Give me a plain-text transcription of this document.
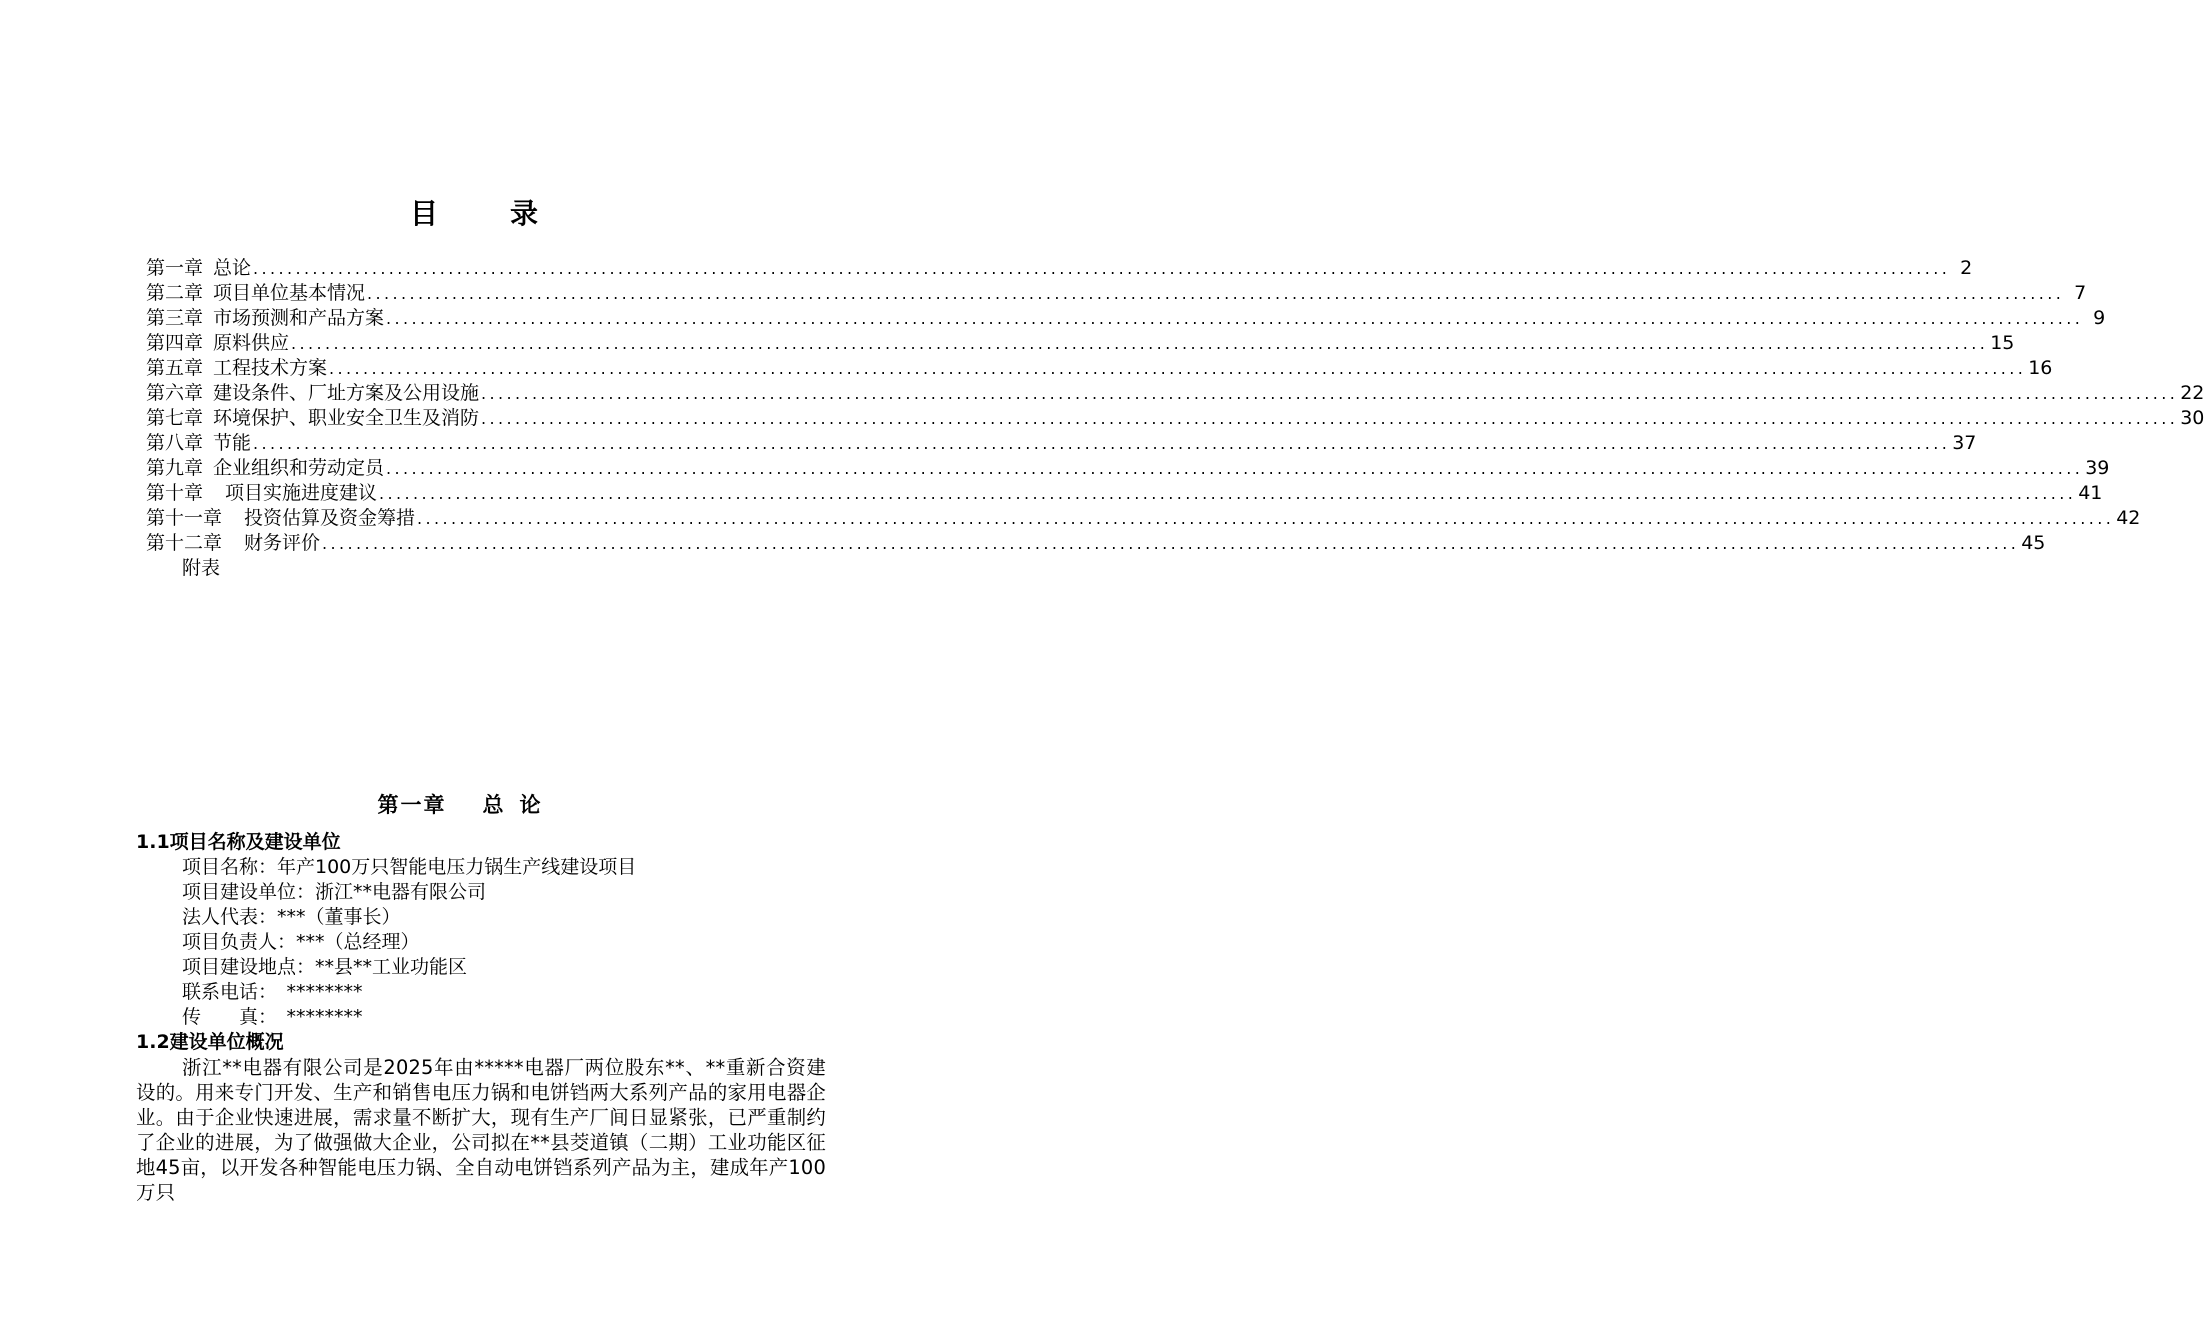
目	录
第一章 总论 ........................................................................................................................................................................................................ 2
第二章 项目单位基本情况 ........................................................................................................................................................................................................ 7
第三章 市场预测和产品方案 ........................................................................................................................................................................................................ 9
第四章 原料供应 ........................................................................................................................................................................................................ 15
第五章 工程技术方案 ........................................................................................................................................................................................................ 16
第六章 建设条件、厂址方案及公用设施 ........................................................................................................................................................................................................ 22
第七章 环境保护、职业安全卫生及消防 ........................................................................................................................................................................................................ 30
第八章 节能 ........................................................................................................................................................................................................ 37
第九章 企业组织和劳动定员 ........................................................................................................................................................................................................ 39
第十章 项目实施进度建议 ........................................................................................................................................................................................................ 41
第十一章 投资估算及资金筹措 ........................................................................................................................................................................................................ 42
第十二章 财务评价 ........................................................................................................................................................................................................ 45
附表
第一章 总 论
1.1项目名称及建设单位
项目名称：年产100万只智能电压力锅生产线建设项目
项目建设单位：浙江**电器有限公司
法人代表：***（董事长）
项目负责人：***（总经理）
项目建设地点：**县**工业功能区
联系电话：　********
传　　真：　********
1.2建设单位概况
浙江**电器有限公司是2025年由*****电器厂两位股东**、**重新合资建设的。用来专门开发、生产和销售电压力锅和电饼铛两大系列产品的家用电器企业。由于企业快速进展，需求量不断扩大，现有生产厂间日显紧张，已严重制约了企业的进展，为了做强做大企业，公司拟在**县茭道镇（二期）工业功能区征地45亩，以开发各种智能电压力锅、全自动电饼铛系列产品为主，建成年产100万只
